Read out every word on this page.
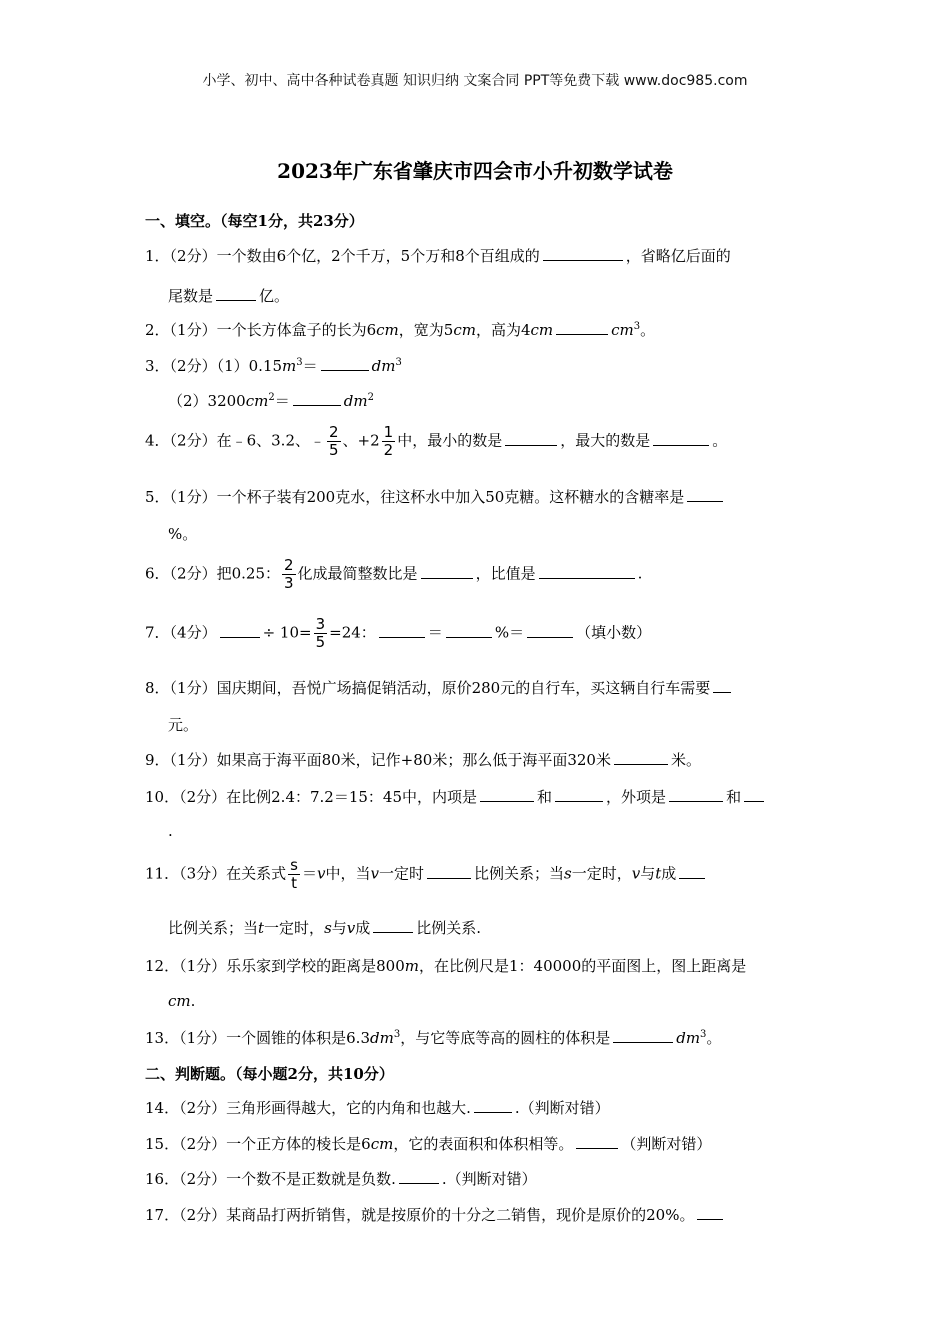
小学、初中、高中各种试卷真题 知识归纳 文案合同 PPT等免费下载 www.doc985.com
2023年广东省肇庆市四会市小升初数学试卷
一、填空。（每空1分，共23分）
1．（2分）一个数由6个亿，2个千万，5个万和8个百组成的	，省略亿后面的
尾数是	亿。
2．（1分）一个长方体盒子的长为6cm，宽为5cm，高为4cm	$cm^3$。
3．（2分）$(1)0.15m^3=$	$dm^3$
$(2)3200cm^2=$	$dm^2$
4．（2分）在﹣6、3.2、﹣ $\frac{2}{5}$ 、$+2 \frac{1}{2}$ 中，最小的数是	，最大的数是	。
5．（1分）一个杯子装有200克水，往这杯水中加入50克糖。这杯糖水的含糖率是
%。
6．（2分）把0.25： $\frac{2}{3}$ 化成最简整数比是	，比值是	.
7．（4分）	÷ $10= \frac{3}{5} =24$：	＝	%＝	（填小数）
8．（1分）国庆期间，吾悦广场搞促销活动，原价280元的自行车，买这辆自行车需要
元。
9．（1分）如果高于海平面80米，记作+80米；那么低于海平面320米	米。
10．（2分）在比例2.4：7.2＝15：45中，内项是	和	，外项是	和
.
11．（3分）在关系式 $\frac{s}{t} =v$中，当v一定时	比例关系；当s一定时，v与t成
比例关系；当t一定时，s与v成	比例关系.
12．（1分）乐乐家到学校的距离是800m，在比例尺是1：40000的平面图上，图上距离是
cm.
13．（1分）一个圆锥的体积是$6.3dm^3$，与它等底等高的圆柱的体积是	$dm^3$。
二、判断题。（每小题2分，共10分）
14．（2分）三角形画得越大，它的内角和也越大.	.（判断对错）
15．（2分）一个正方体的棱长是6cm，它的表面积和体积相等。	（判断对错）
16．（2分）一个数不是正数就是负数.	.（判断对错）
17．（2分）某商品打两折销售，就是按原价的十分之二销售，现价是原价的20%。
